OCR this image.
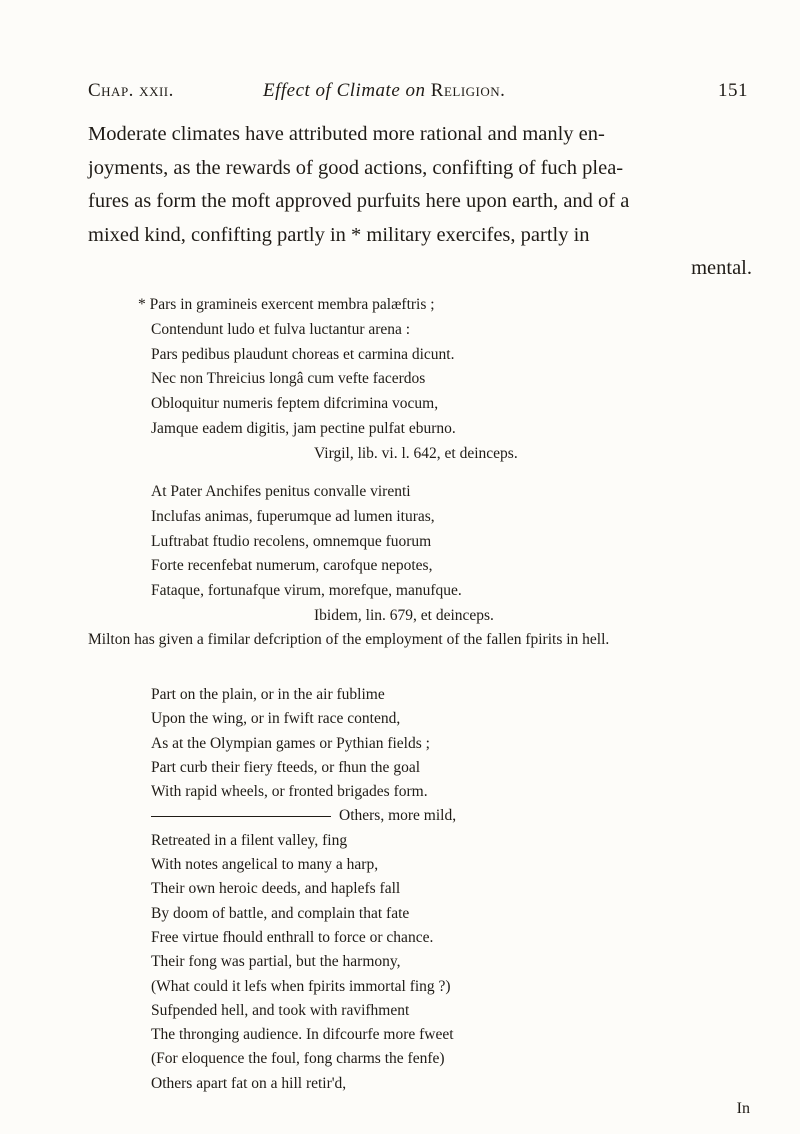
Chap. xxii.	Effect of Climate on Religion.	151

Moderate climates have attributed more rational and manly en-
joyments, as the rewards of good actions, confifting of fuch plea-
fures as form the moft approved purfuits here upon earth, and of a
mixed kind, confifting partly in * military exercifes, partly in
mental.

* Pars in gramineis exercent membra palæftris ;
Contendunt ludo et fulva luctantur arena :
Pars pedibus plaudunt choreas et carmina dicunt.
Nec non Threicius longâ cum vefte facerdos
Obloquitur numeris feptem difcrimina vocum,
Jamque eadem digitis, jam pectine pulfat eburno.
Virgil, lib. vi. l. 642, et deinceps.
At Pater Anchifes penitus convalle virenti
Inclufas animas, fuperumque ad lumen ituras,
Luftrabat ftudio recolens, omnemque fuorum
Forte recenfebat numerum, carofque nepotes,
Fataque, fortunafque virum, morefque, manufque.
Ibidem, lin. 679, et deinceps.

Milton has given a fimilar defcription of the employment of the fallen fpirits in hell.

Part on the plain, or in the air fublime
Upon the wing, or in fwift race contend,
As at the Olympian games or Pythian fields ;
Part curb their fiery fteeds, or fhun the goal
With rapid wheels, or fronted brigades form.
Others, more mild,
Retreated in a filent valley, fing
With notes angelical to many a harp,
Their own heroic deeds, and haplefs fall
By doom of battle, and complain that fate
Free virtue fhould enthrall to force or chance.
Their fong was partial, but the harmony,
(What could it lefs when fpirits immortal fing ?)
Sufpended hell, and took with ravifhment
The thronging audience. In difcourfe more fweet
(For eloquence the foul, fong charms the fenfe)
Others apart fat on a hill retir'd,
In
